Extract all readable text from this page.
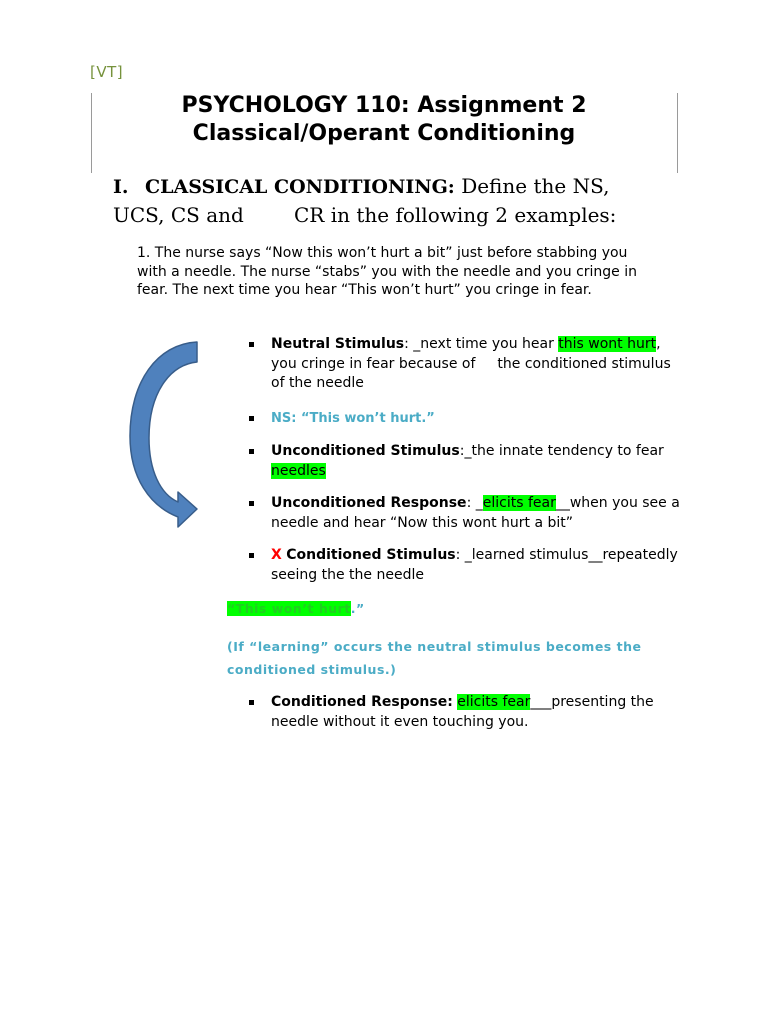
[VT]
PSYCHOLOGY 110: Assignment 2
Classical/Operant Conditioning
I. CLASSICAL CONDITIONING: Define the NS,
UCS, CS and	CR in the following 2 examples:
1. The nurse says “Now this won’t hurt a bit” just before stabbing you
with a needle. The nurse “stabs” you with the needle and you cringe in
fear. The next time you hear “This won’t hurt” you cringe in fear.
Neutral Stimulus: _next time you hear this wont hurt,
you cringe in fear because of the conditioned stimulus
of the needle
NS: “This won’t hurt.”
Unconditioned Stimulus:_the innate tendency to fear
needles
Unconditioned Response: _elicits fear__when you see a
needle and hear “Now this wont hurt a bit”
X Conditioned Stimulus: _learned stimulus__repeatedly
seeing the the needle
“This won’t hurt.”
(If “learning” occurs the neutral stimulus becomes the
conditioned stimulus.)
Conditioned Response: elicits fear___presenting the
needle without it even touching you.
